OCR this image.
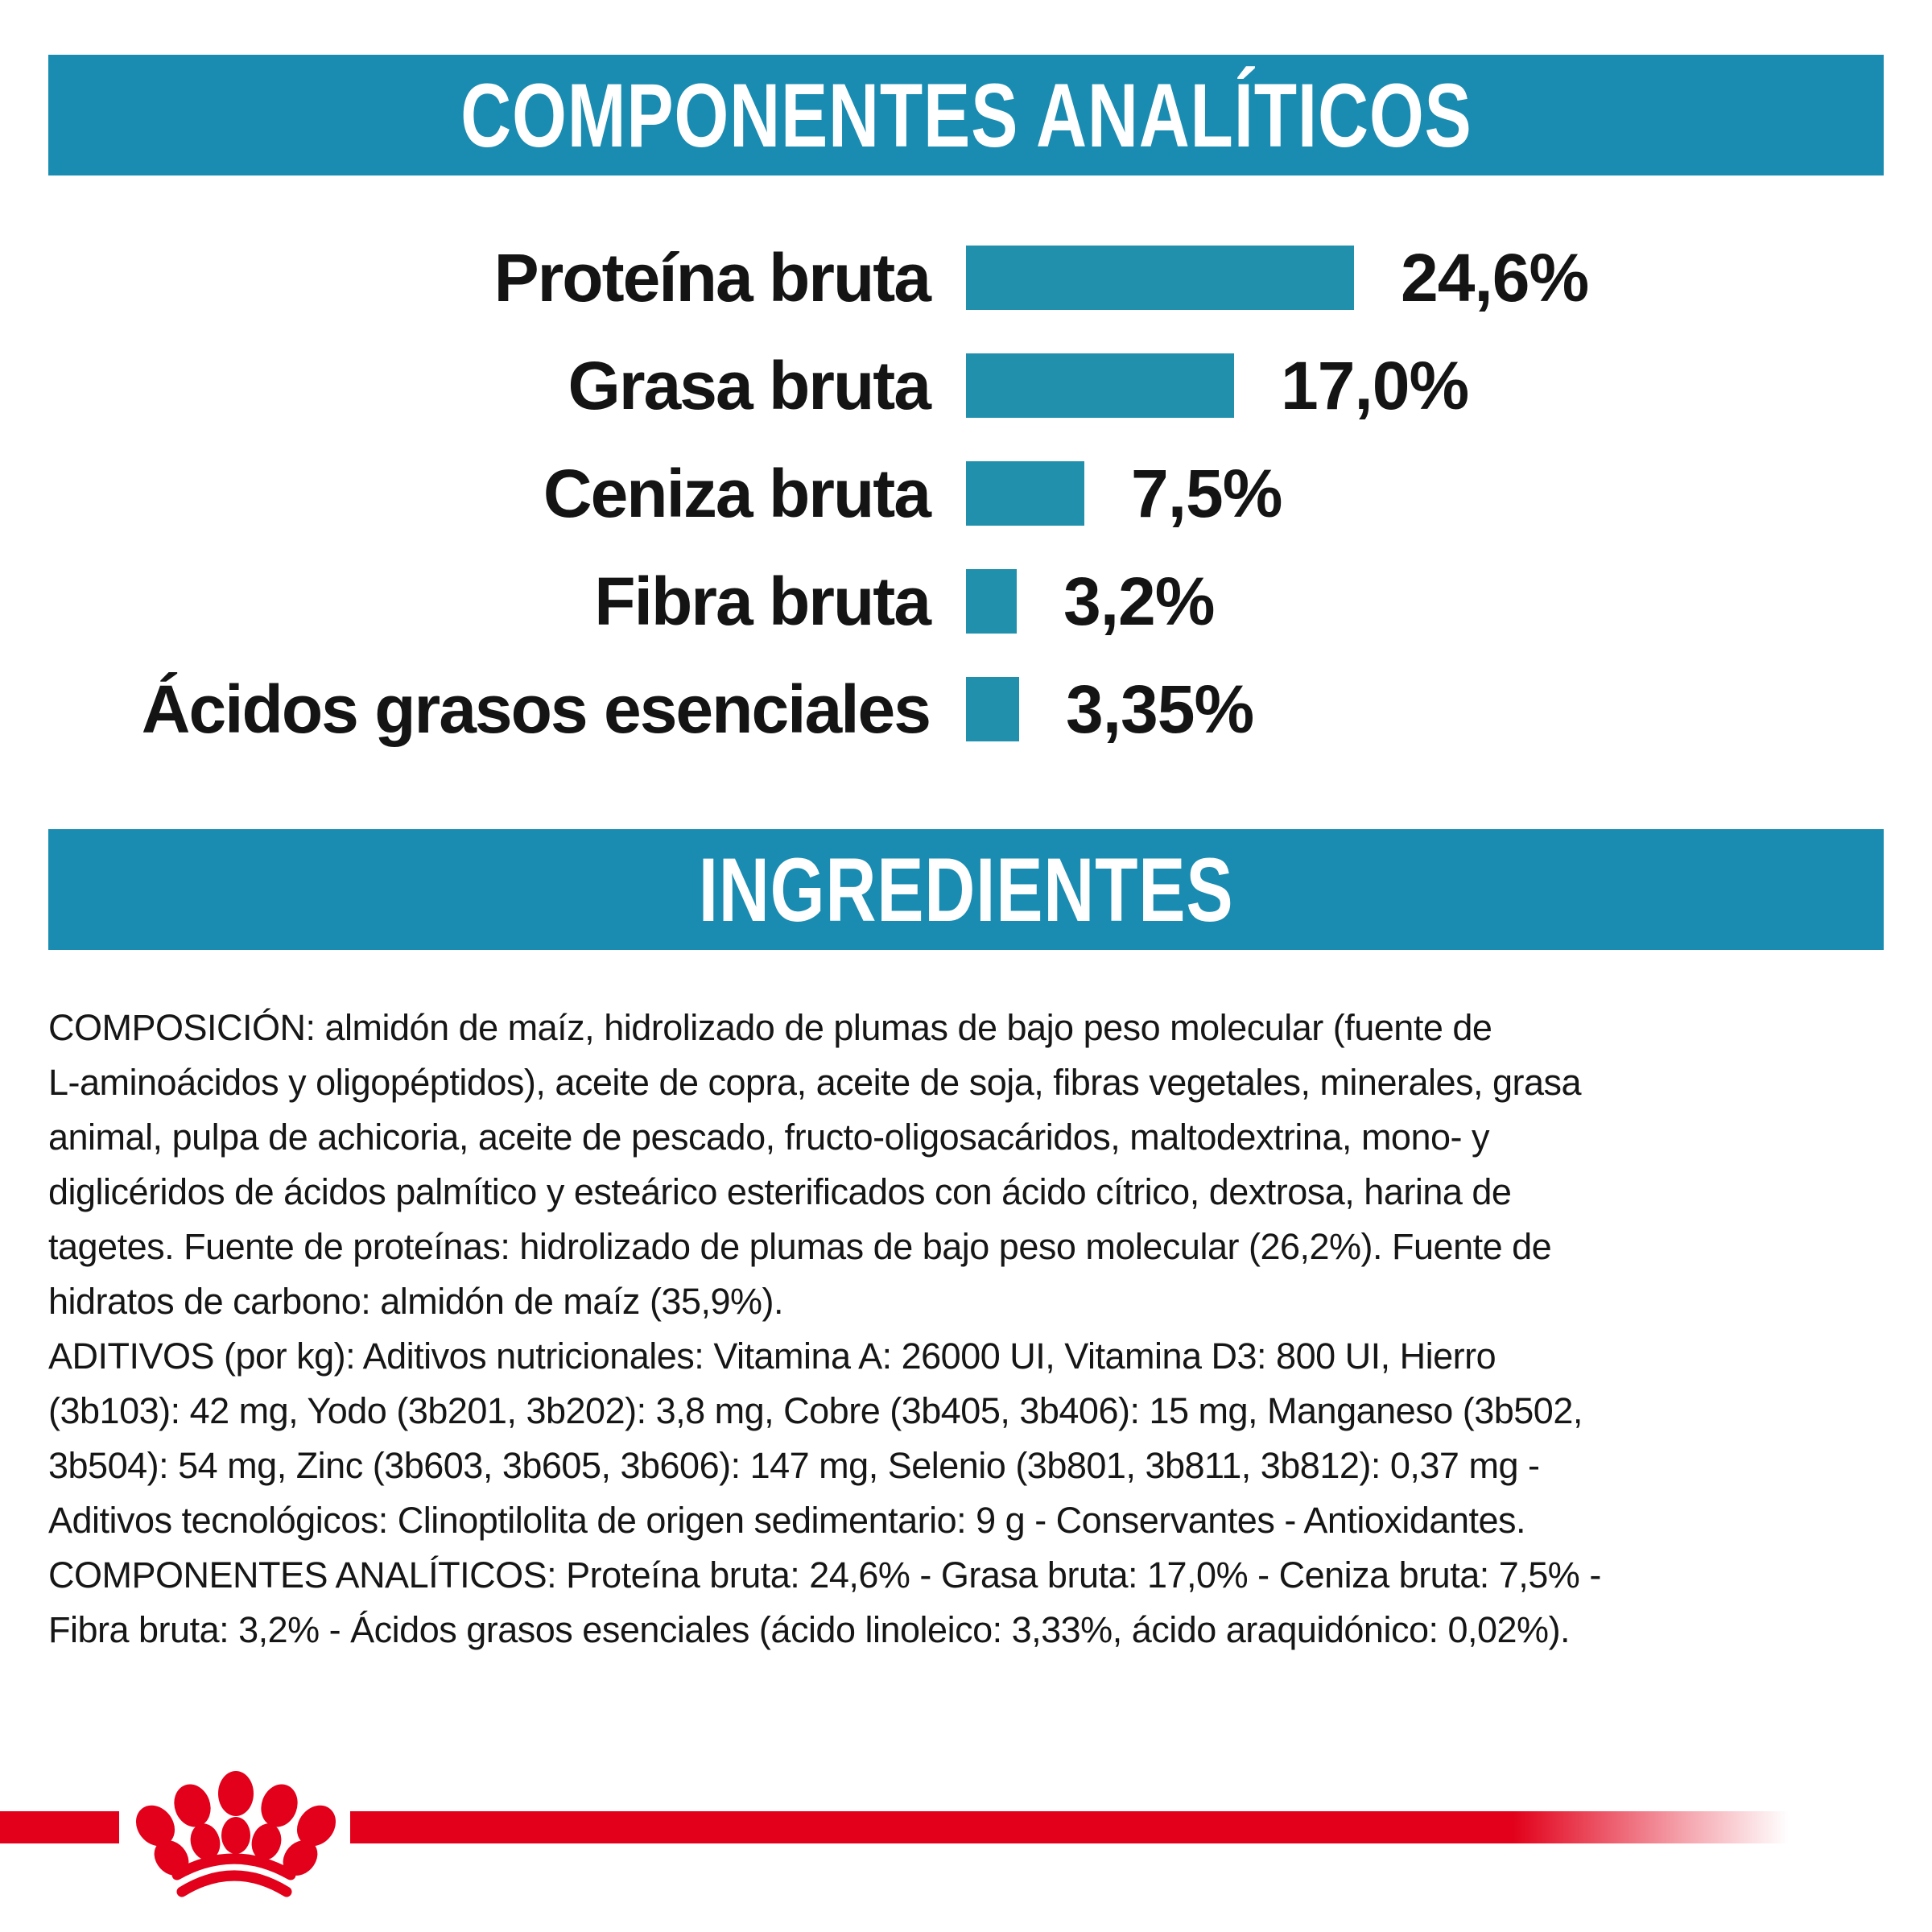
COMPONENTES ANALÍTICOS
Proteína bruta	24,6%
Grasa bruta	17,0%
Ceniza bruta	7,5%
Fibra bruta 3,2%
Ácidos grasos esenciales 3,35%
INGREDIENTES
COMPOSICIÓN: almidón de maíz, hidrolizado de plumas de bajo peso molecular (fuente de
L-aminoácidos y oligopéptidos), aceite de copra, aceite de soja, fibras vegetales, minerales, grasa
animal, pulpa de achicoria, aceite de pescado, fructo-oligosacáridos, maltodextrina, mono- y
diglicéridos de ácidos palmítico y esteárico esterificados con ácido cítrico, dextrosa, harina de
tagetes. Fuente de proteínas: hidrolizado de plumas de bajo peso molecular (26,2%). Fuente de
hidratos de carbono: almidón de maíz (35,9%).
ADITIVOS (por kg): Aditivos nutricionales: Vitamina A: 26000 UI, Vitamina D3: 800 UI, Hierro
(3b103): 42 mg, Yodo (3b201, 3b202): 3,8 mg, Cobre (3b405, 3b406): 15 mg, Manganeso (3b502,
3b504): 54 mg, Zinc (3b603, 3b605, 3b606): 147 mg, Selenio (3b801, 3b811, 3b812): 0,37 mg -
Aditivos tecnológicos: Clinoptilolita de origen sedimentario: 9 g - Conservantes - Antioxidantes.
COMPONENTES ANALÍTICOS: Proteína bruta: 24,6% - Grasa bruta: 17,0% - Ceniza bruta: 7,5% -
Fibra bruta: 3,2% - Ácidos grasos esenciales (ácido linoleico: 3,33%, ácido araquidónico: 0,02%).
